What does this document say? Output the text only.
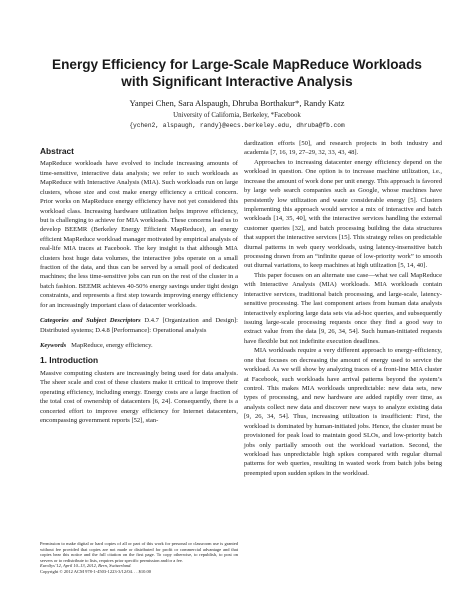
Energy Efficiency for Large-Scale MapReduce Workloads with Significant Interactive Analysis
Yanpei Chen, Sara Alspaugh, Dhruba Borthakur*, Randy Katz
University of California, Berkeley, *Facebook
{ychen2, alspaugh, randy}@eecs.berkeley.edu, dhruba@fb.com
Abstract

MapReduce workloads have evolved to include increasing amounts of time-sensitive, interactive data analysis; we refer to such workloads as MapReduce with Interactive Analysis (MIA). Such workloads run on large clusters, whose size and cost make energy efficiency a critical concern. Prior works on MapReduce energy efficiency have not yet considered this workload class. Increasing hardware utilization helps improve efficiency, but is challenging to achieve for MIA workloads. These concerns lead us to develop BEEMR (Berkeley Energy Efficient MapReduce), an energy efficient MapReduce workload manager motivated by empirical analysis of real-life MIA traces at Facebook. The key insight is that although MIA clusters host huge data volumes, the interactive jobs operate on a small fraction of the data, and thus can be served by a small pool of dedicated machines; the less time-sensitive jobs can run on the rest of the cluster in a batch fashion. BEEMR achieves 40-50% energy savings under tight design constraints, and represents a first step towards improving energy efficiency for an increasingly important class of datacenter workloads.

Categories and Subject Descriptors D.4.7 [Organization and Design]: Distributed systems; D.4.8 [Performance]: Operational analysis

Keywords MapReduce, energy efficiency.

1. Introduction

Massive computing clusters are increasingly being used for data analysis. The sheer scale and cost of these clusters make it critical to improve their operating efficiency, including energy. Energy costs are a large fraction of the total cost of ownership of datacenters [6, 24]. Consequently, there is a concerted effort to improve energy efficiency for Internet datacenters, encompassing government reports [52], stan-

dardization efforts [50], and research projects in both industry and academia [7, 16, 19, 27–29, 32, 33, 43, 48].

Approaches to increasing datacenter energy efficiency depend on the workload in question. One option is to increase machine utilization, i.e., increase the amount of work done per unit energy. This approach is favored by large web search companies such as Google, whose machines have persistently low utilization and waste considerable energy [5]. Clusters implementing this approach would service a mix of interactive and batch workloads [14, 35, 40], with the interactive services handling the external customer queries [32], and batch processing building the data structures that support the interactive services [15]. This strategy relies on predictable diurnal patterns in web query workloads, using latency-insensitive batch processing drawn from an “infinite queue of low-priority work” to smooth out diurnal variations, to keep machines at high utilization [5, 14, 40].

This paper focuses on an alternate use case—what we call MapReduce with Interactive Analysis (MIA) workloads. MIA workloads contain interactive services, traditional batch processing, and large-scale, latency-sensitive processing. The last component arises from human data analysts interactively exploring large data sets via ad-hoc queries, and subsequently issuing large-scale processing requests once they find a good way to extract value from the data [9, 26, 34, 54]. Such human-initiated requests have flexible but not indefinite execution deadlines.

MIA workloads require a very different approach to energy-efficiency, one that focuses on decreasing the amount of energy used to service the workload. As we will show by analyzing traces of a front-line MIA cluster at Facebook, such workloads have arrival patterns beyond the system’s control. This makes MIA workloads unpredictable: new data sets, new types of processing, and new hardware are added rapidly over time, as analysts collect new data and discover new ways to analyze existing data [9, 26, 34, 54]. Thus, increasing utilization is insufficient: First, the workload is dominated by human-initiated jobs. Hence, the cluster must be provisioned for peak load to maintain good SLOs, and low-priority batch jobs only partially smooth out the workload variation. Second, the workload has unpredictable high spikes compared with regular diurnal patterns for web queries, resulting in wasted work from batch jobs being preempted upon sudden spikes in the workload.

Permission to make digital or hard copies of all or part of this work for personal or classroom use is granted without fee provided that copies are not made or distributed for profit or commercial advantage and that copies bear this notice and the full citation on the first page. To copy otherwise, to republish, to post on servers or to redistribute to lists, requires prior specific permission and/or a fee.
EuroSys’12, April 10–13, 2012, Bern, Switzerland.
Copyright © 2012 ACM 978-1-4503-1223-3/12/04. . . $10.00
